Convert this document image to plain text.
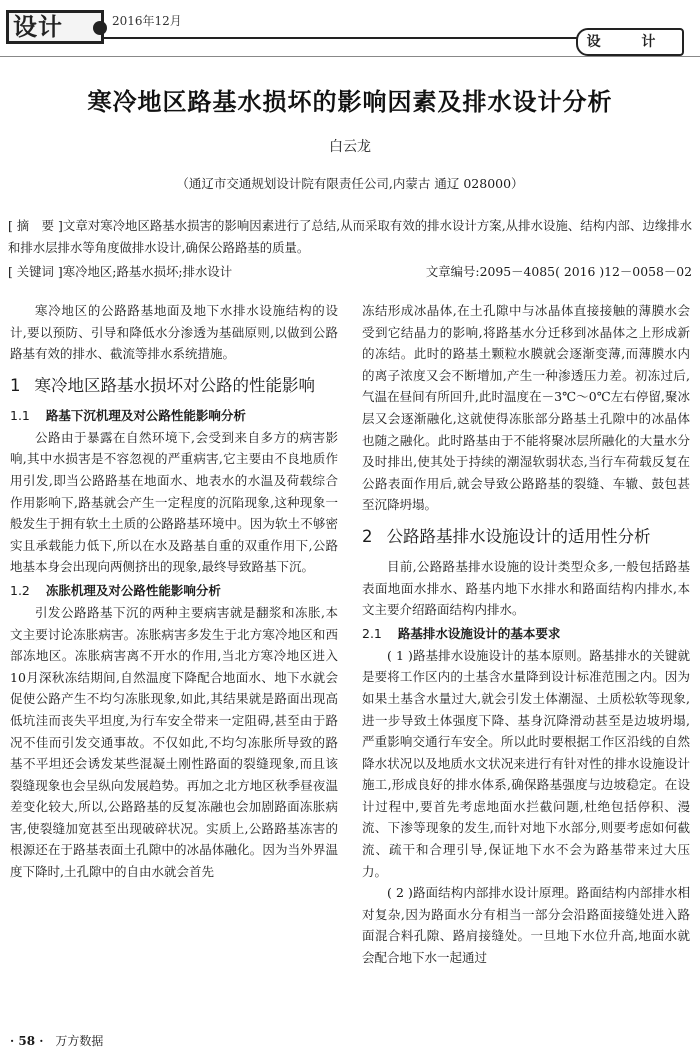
设计	2016年12月
设 计
寒冷地区路基水损坏的影响因素及排水设计分析
白云龙
（通辽市交通规划设计院有限责任公司,内蒙古 通辽 028000）
[ 摘　要 ]文章对寒冷地区路基水损害的影响因素进行了总结,从而采取有效的排水设计方案,从排水设施、结构内部、边缘排水和排水层排水等角度做排水设计,确保公路路基的质量。
[ 关键词 ]寒冷地区;路基水损坏;排水设计	文章编号:2095－4085( 2016 )12－0058－02

寒冷地区的公路路基地面及地下水排水设施结构的设计,要以预防、引导和降低水分渗透为基础原则,以做到公路路基有效的排水、截流等排水系统措施。

1 寒冷地区路基水损坏对公路的性能影响

1.1 路基下沉机理及对公路性能影响分析

公路由于暴露在自然环境下,会受到来自多方的病害影响,其中水损害是不容忽视的严重病害,它主要由不良地质作用引发,即当公路路基在地面水、地表水的水温及荷载综合作用影响下,路基就会产生一定程度的沉陷现象,这种现象一般发生于拥有软土土质的公路路基环境中。因为软土不够密实且承载能力低下,所以在水及路基自重的双重作用下,公路地基本身会出现向两侧挤出的现象,最终导致路基下沉。

1.2 冻胀机理及对公路性能影响分析

引发公路路基下沉的两种主要病害就是翻浆和冻胀,本文主要讨论冻胀病害。冻胀病害多发生于北方寒冷地区和西部冻地区。冻胀病害离不开水的作用,当北方寒冷地区进入10月深秋冻结期间,自然温度下降配合地面水、地下水就会促使公路产生不均匀冻胀现象,如此,其结果就是路面出现高低坑洼而丧失平坦度,为行车安全带来一定阻碍,甚至由于路况不佳而引发交通事故。不仅如此,不均匀冻胀所导致的路基不平坦还会诱发某些混凝土刚性路面的裂缝现象,而且该裂缝现象也会呈纵向发展趋势。再加之北方地区秋季昼夜温差变化较大,所以,公路路基的反复冻融也会加剧路面冻胀病害,使裂缝加宽甚至出现破碎状况。实质上,公路路基冻害的根源还在于路基表面土孔隙中的冰晶体融化。因为当外界温度下降时,土孔隙中的自由水就会首先

冻结形成冰晶体,在土孔隙中与冰晶体直接接触的薄膜水会受到它结晶力的影响,将路基水分迁移到冰晶体之上形成新的冻结。此时的路基土颗粒水膜就会逐渐变薄,而薄膜水内的离子浓度又会不断增加,产生一种渗透压力差。初冻过后,气温在昼间有所回升,此时温度在－3℃～0℃左右停留,聚冰层又会逐渐融化,这就使得冻胀部分路基土孔隙中的冰晶体也随之融化。此时路基由于不能将聚冰层所融化的大量水分及时排出,使其处于持续的潮湿软弱状态,当行车荷载反复在公路表面作用后,就会导致公路路基的裂缝、车辙、鼓包甚至沉降坍塌。

2 公路路基排水设施设计的适用性分析

目前,公路路基排水设施的设计类型众多,一般包括路基表面地面水排水、路基内地下水排水和路面结构内排水,本文主要介绍路面结构内排水。

2.1 路基排水设施设计的基本要求

( 1 )路基排水设施设计的基本原则。路基排水的关键就是要将工作区内的土基含水量降到设计标准范围之内。因为如果土基含水量过大,就会引发土体潮湿、土质松软等现象,进一步导致土体强度下降、基身沉降滑动甚至是边坡坍塌,严重影响交通行车安全。所以此时要根据工作区沿线的自然降水状况以及地质水文状况来进行有针对性的排水设施设计施工,形成良好的排水体系,确保路基强度与边坡稳定。在设计过程中,要首先考虑地面水拦截问题,杜绝包括停积、漫流、下渗等现象的发生,而针对地下水部分,则要考虑如何截流、疏干和合理引导,保证地下水不会为路基带来过大压力。

( 2 )路面结构内部排水设计原理。路面结构内部排水相对复杂,因为路面水分有相当一部分会沿路面接缝处进入路面混合料孔隙、路肩接缝处。一旦地下水位升高,地面水就会配合地下水一起通过

· 58 · 万方数据
